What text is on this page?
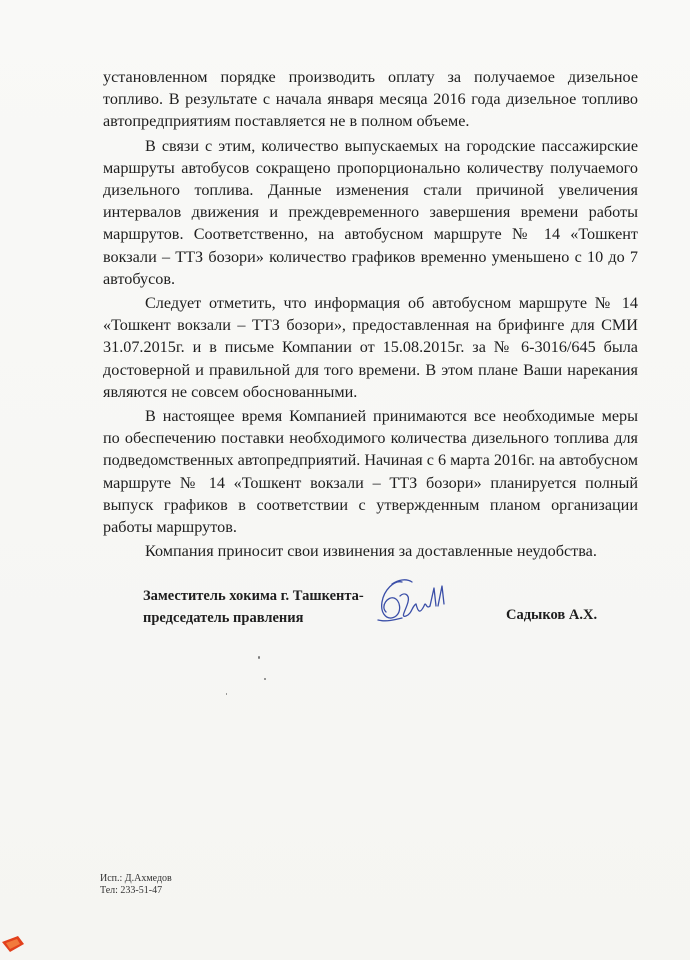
установленном порядке производить оплату за получаемое дизельное топливо. В результате с начала января месяца 2016 года дизельное топливо автопредприятиям поставляется не в полном объеме.

В связи с этим, количество выпускаемых на городские пассажирские маршруты автобусов сокращено пропорционально количеству получаемого дизельного топлива. Данные изменения стали причиной увеличения интервалов движения и преждевременного завершения времени работы маршрутов. Соответственно, на автобусном маршруте № 14 «Тошкент вокзали – ТТЗ бозори» количество графиков временно уменьшено с 10 до 7 автобусов.

Следует отметить, что информация об автобусном маршруте № 14 «Тошкент вокзали – ТТЗ бозори», предоставленная на брифинге для СМИ 31.07.2015г. и в письме Компании от 15.08.2015г. за № 6-3016/645 была достоверной и правильной для того времени. В этом плане Ваши нарекания являются не совсем обоснованными.

В настоящее время Компанией принимаются все необходимые меры по обеспечению поставки необходимого количества дизельного топлива для подведомственных автопредприятий. Начиная с 6 марта 2016г. на автобусном маршруте № 14 «Тошкент вокзали – ТТЗ бозори» планируется полный выпуск графиков в соответствии с утвержденным планом организации работы маршрутов.

Компания приносит свои извинения за доставленные неудобства.

Заместитель хокима г. Ташкента-
председатель правления	Садыков А.Х.
Исп.: Д.Ахмедов
Тел: 233-51-47
